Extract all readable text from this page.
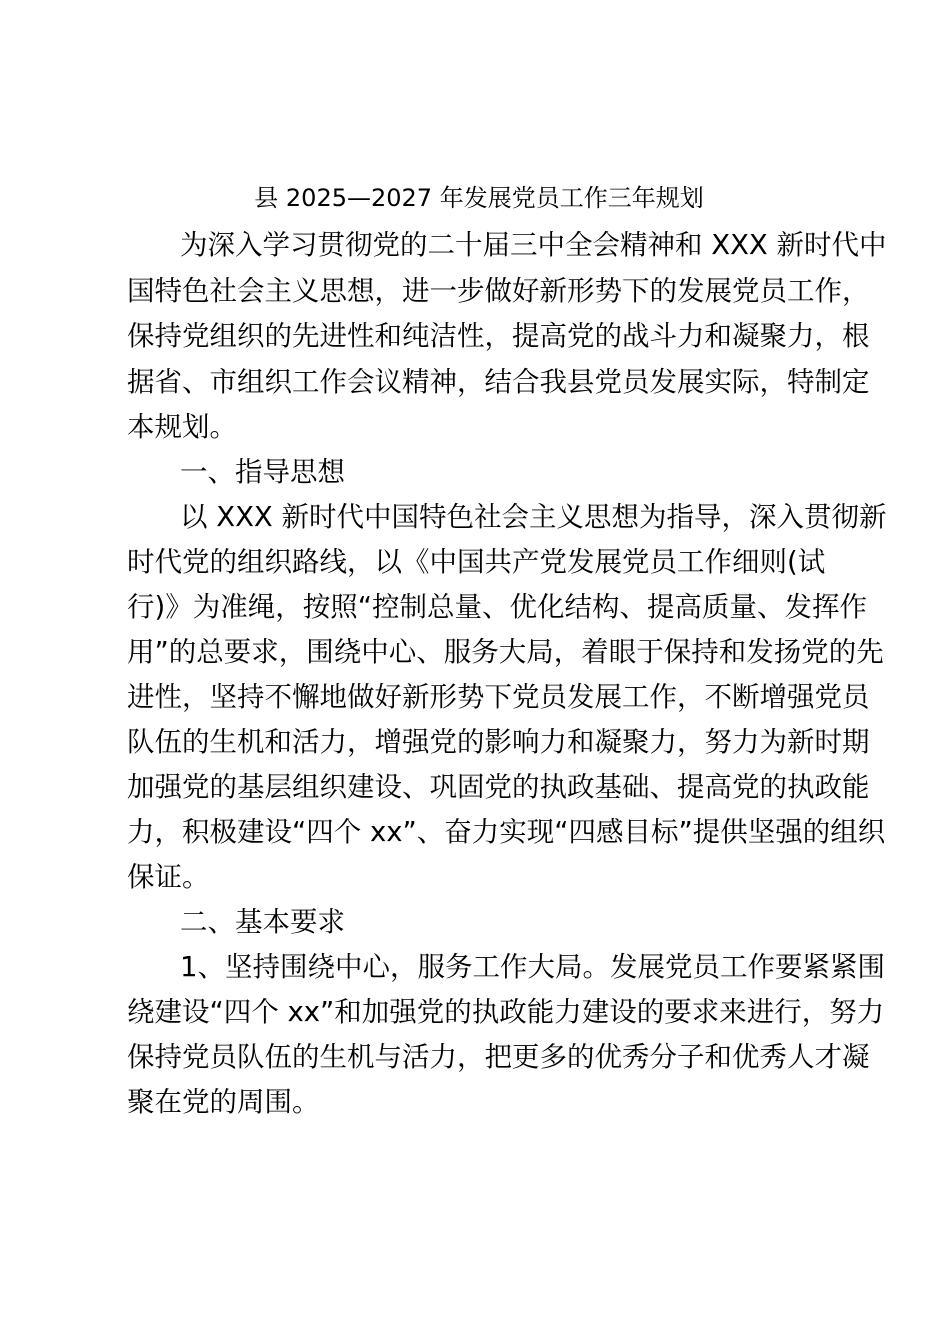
县 2025—2027 年发展党员工作三年规划
为深入学习贯彻党的二十届三中全会精神和 XXX 新时代中
国特色社会主义思想，进一步做好新形势下的发展党员工作，
保持党组织的先进性和纯洁性，提高党的战斗力和凝聚力，根
据省、市组织工作会议精神，结合我县党员发展实际，特制定
本规划。
一、指导思想
以 XXX 新时代中国特色社会主义思想为指导，深入贯彻新
时代党的组织路线，以《中国共产党发展党员工作细则(试
行)》为准绳，按照“控制总量、优化结构、提高质量、发挥作
用”的总要求，围绕中心、服务大局，着眼于保持和发扬党的先
进性，坚持不懈地做好新形势下党员发展工作，不断增强党员
队伍的生机和活力，增强党的影响力和凝聚力，努力为新时期
加强党的基层组织建设、巩固党的执政基础、提高党的执政能
力，积极建设“四个 xx”、奋力实现“四感目标”提供坚强的组织
保证。
二、基本要求
1、坚持围绕中心，服务工作大局。发展党员工作要紧紧围
绕建设“四个 xx”和加强党的执政能力建设的要求来进行，努力
保持党员队伍的生机与活力，把更多的优秀分子和优秀人才凝
聚在党的周围。
